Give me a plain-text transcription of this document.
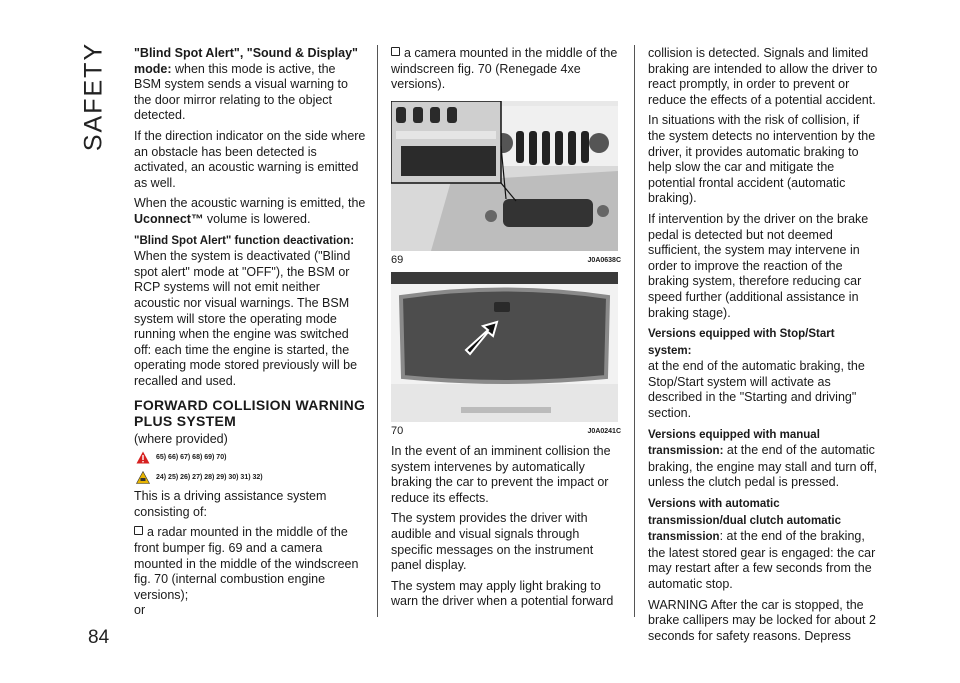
SAFETY
84

"Blind Spot Alert", "Sound & Display" mode: when this mode is active, the BSM system sends a visual warning to the door mirror relating to the object detected.

If the direction indicator on the side where an obstacle has been detected is activated, an acoustic warning is emitted as well.

When the acoustic warning is emitted, the Uconnect™ volume is lowered.

"Blind Spot Alert" function deactivation:

When the system is deactivated ("Blind spot alert" mode at "OFF"), the BSM or RCP systems will not emit neither acoustic nor visual warnings. The BSM system will store the operating mode running when the engine was switched off: each time the engine is started, the operating mode stored previously will be recalled and used.

FORWARD COLLISION WARNING PLUS SYSTEM

(where provided)

65) 66) 67) 68) 69) 70)
24) 25) 26) 27) 28) 29) 30) 31) 32)

This is a driving assistance system consisting of:

a radar mounted in the middle of the front bumper fig. 69 and a camera mounted in the middle of the windscreen fig. 70 (internal combustion engine versions);

or

a camera mounted in the middle of the windscreen fig. 70 (Renegade 4xe versions).

69	J0A0638C
70	J0A0241C

In the event of an imminent collision the system intervenes by automatically braking the car to prevent the impact or reduce its effects.

The system provides the driver with audible and visual signals through specific messages on the instrument panel display.

The system may apply light braking to warn the driver when a potential forward

collision is detected. Signals and limited braking are intended to allow the driver to react promptly, in order to prevent or reduce the effects of a potential accident.

In situations with the risk of collision, if the system detects no intervention by the driver, it provides automatic braking to help slow the car and mitigate the potential frontal accident (automatic braking).

If intervention by the driver on the brake pedal is detected but not deemed sufficient, the system may intervene in order to improve the reaction of the braking system, therefore reducing car speed further (additional assistance in braking stage).

Versions equipped with Stop/Start system:

at the end of the automatic braking, the Stop/Start system will activate as described in the "Starting and driving" section.

Versions equipped with manual transmission: at the end of the automatic braking, the engine may stall and turn off, unless the clutch pedal is pressed.

Versions with automatic transmission/dual clutch automatic transmission: at the end of the braking, the latest stored gear is engaged: the car may restart after a few seconds from the automatic stop.

WARNING After the car is stopped, the brake callipers may be locked for about 2 seconds for safety reasons. Depress
